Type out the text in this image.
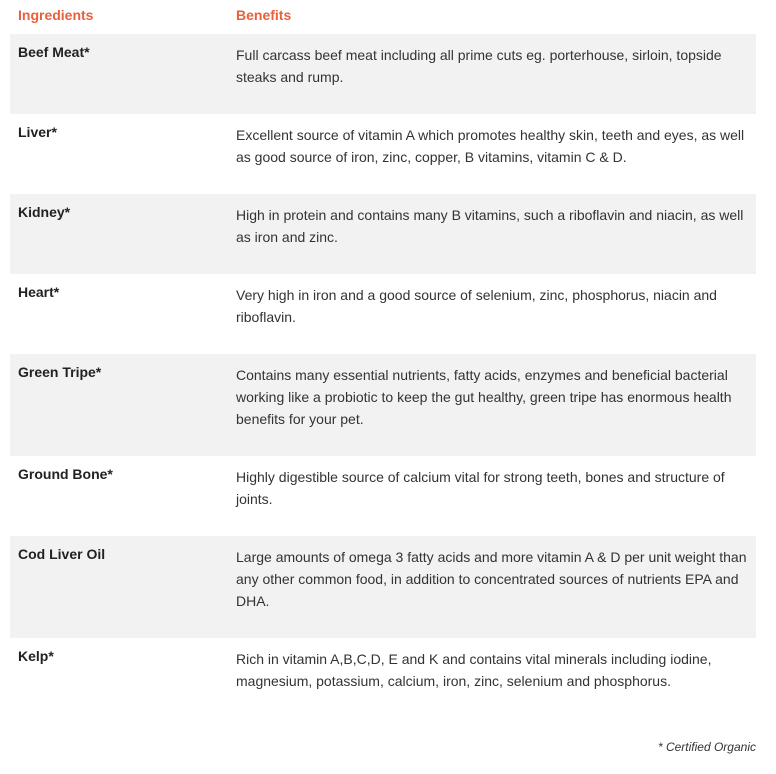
Ingredients	Benefits
Beef Meat*	Full carcass beef meat including all prime cuts eg. porterhouse, sirloin, topside steaks and rump.
Liver*	Excellent source of vitamin A which promotes healthy skin, teeth and eyes, as well as good source of iron, zinc, copper, B vitamins, vitamin C & D.
Kidney*	High in protein and contains many B vitamins, such a riboflavin and niacin, as well as iron and zinc.
Heart*	Very high in iron and a good source of selenium, zinc, phosphorus, niacin and riboflavin.
Green Tripe*	Contains many essential nutrients, fatty acids, enzymes and beneficial bacterial working like a probiotic to keep the gut healthy, green tripe has enormous health benefits for your pet.
Ground Bone*	Highly digestible source of calcium vital for strong teeth, bones and structure of joints.
Cod Liver Oil	Large amounts of omega 3 fatty acids and more vitamin A & D per unit weight than any other common food, in addition to concentrated sources of nutrients EPA and DHA.
Kelp*	Rich in vitamin A,B,C,D, E and K and contains vital minerals including iodine, magnesium, potassium, calcium, iron, zinc, selenium and phosphorus.
* Certified Organic
